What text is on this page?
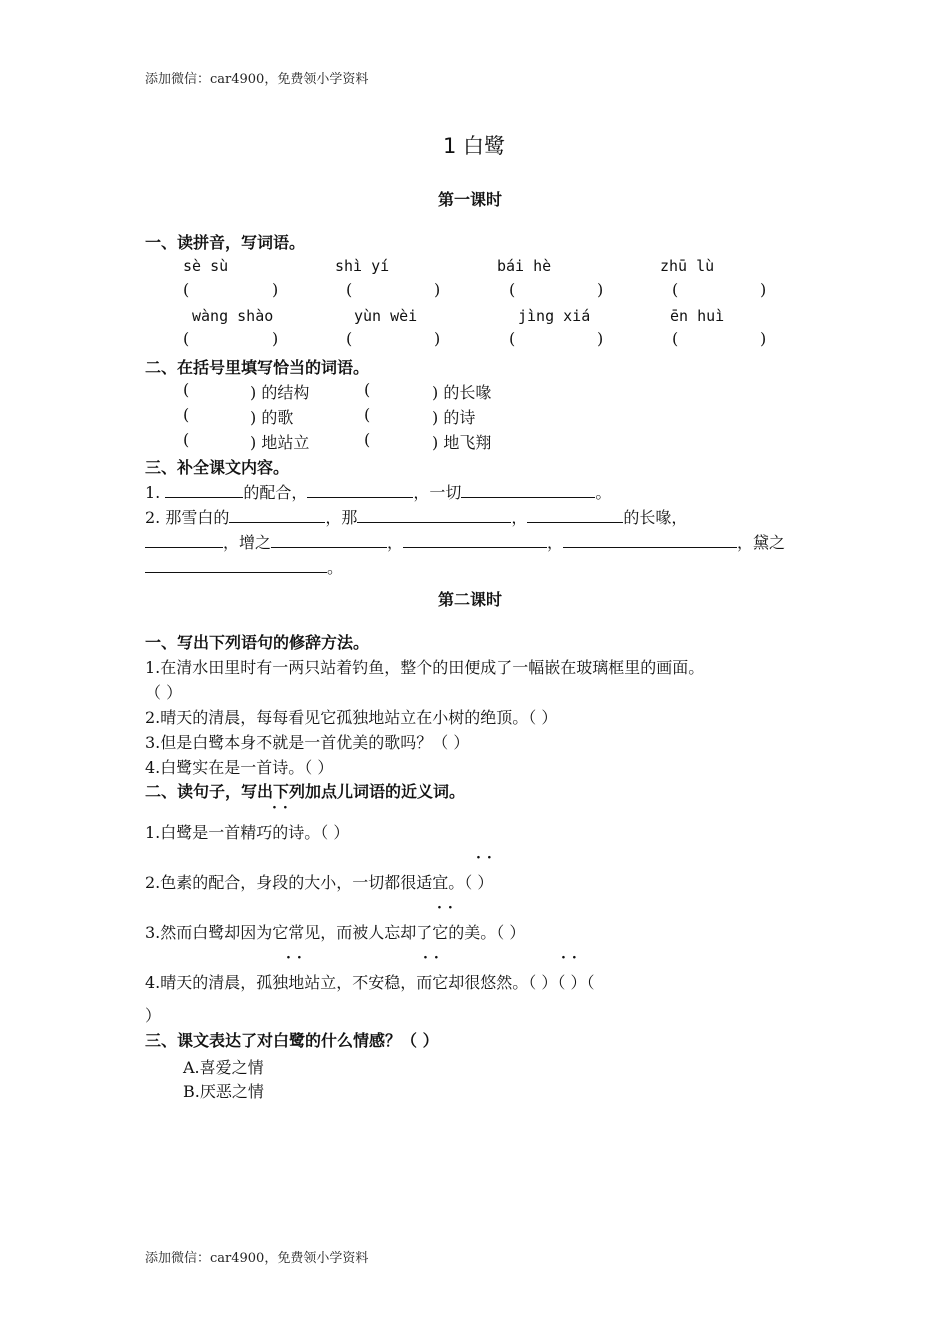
添加微信：car4900，免费领小学资料
1 白鹭
第一课时
一、读拼音，写词语。
sè sù	shì yí	bái hè	zhū lù
(	)	(	)	(	)	(	)
wàng shào	yùn wèi	jìng xiá	ēn huì
(	)	(	)	(	)	(	)
二、在括号里填写恰当的词语。
(	) 的结构	(	) 的长喙
(	) 的歌	(	) 的诗
(	) 地站立	(	) 地飞翔
三、补全课文内容。
1.	的配合，	，一切	。
2. 那雪白的	，那	，	的长喙，
，增之	，	，	，黛之
。
第二课时
一、写出下列语句的修辞方法。
1.在清水田里时有一两只站着钓鱼，整个的田便成了一幅嵌在玻璃框里的画面。
（ ）
2.晴天的清晨，每每看见它孤独地站立在小树的绝顶。（ ）
3.但是白鹭本身不就是一首优美的歌吗？（ ）
4.白鹭实在是一首诗。（ ）
二、读句子，写出下列加点儿词语的近义词。
··
1.白鹭是一首精巧的诗。（ ）
··
2.色素的配合，身段的大小，一切都很适宜。（ ）
··
3.然而白鹭却因为它常见，而被人忘却了它的美。（ ）
··	··	··
4.晴天的清晨，孤独地站立，不安稳，而它却很悠然。（ ）（ ）（
）
三、课文表达了对白鹭的什么情感？（ ）
A.喜爱之情
B.厌恶之情
添加微信：car4900，免费领小学资料
